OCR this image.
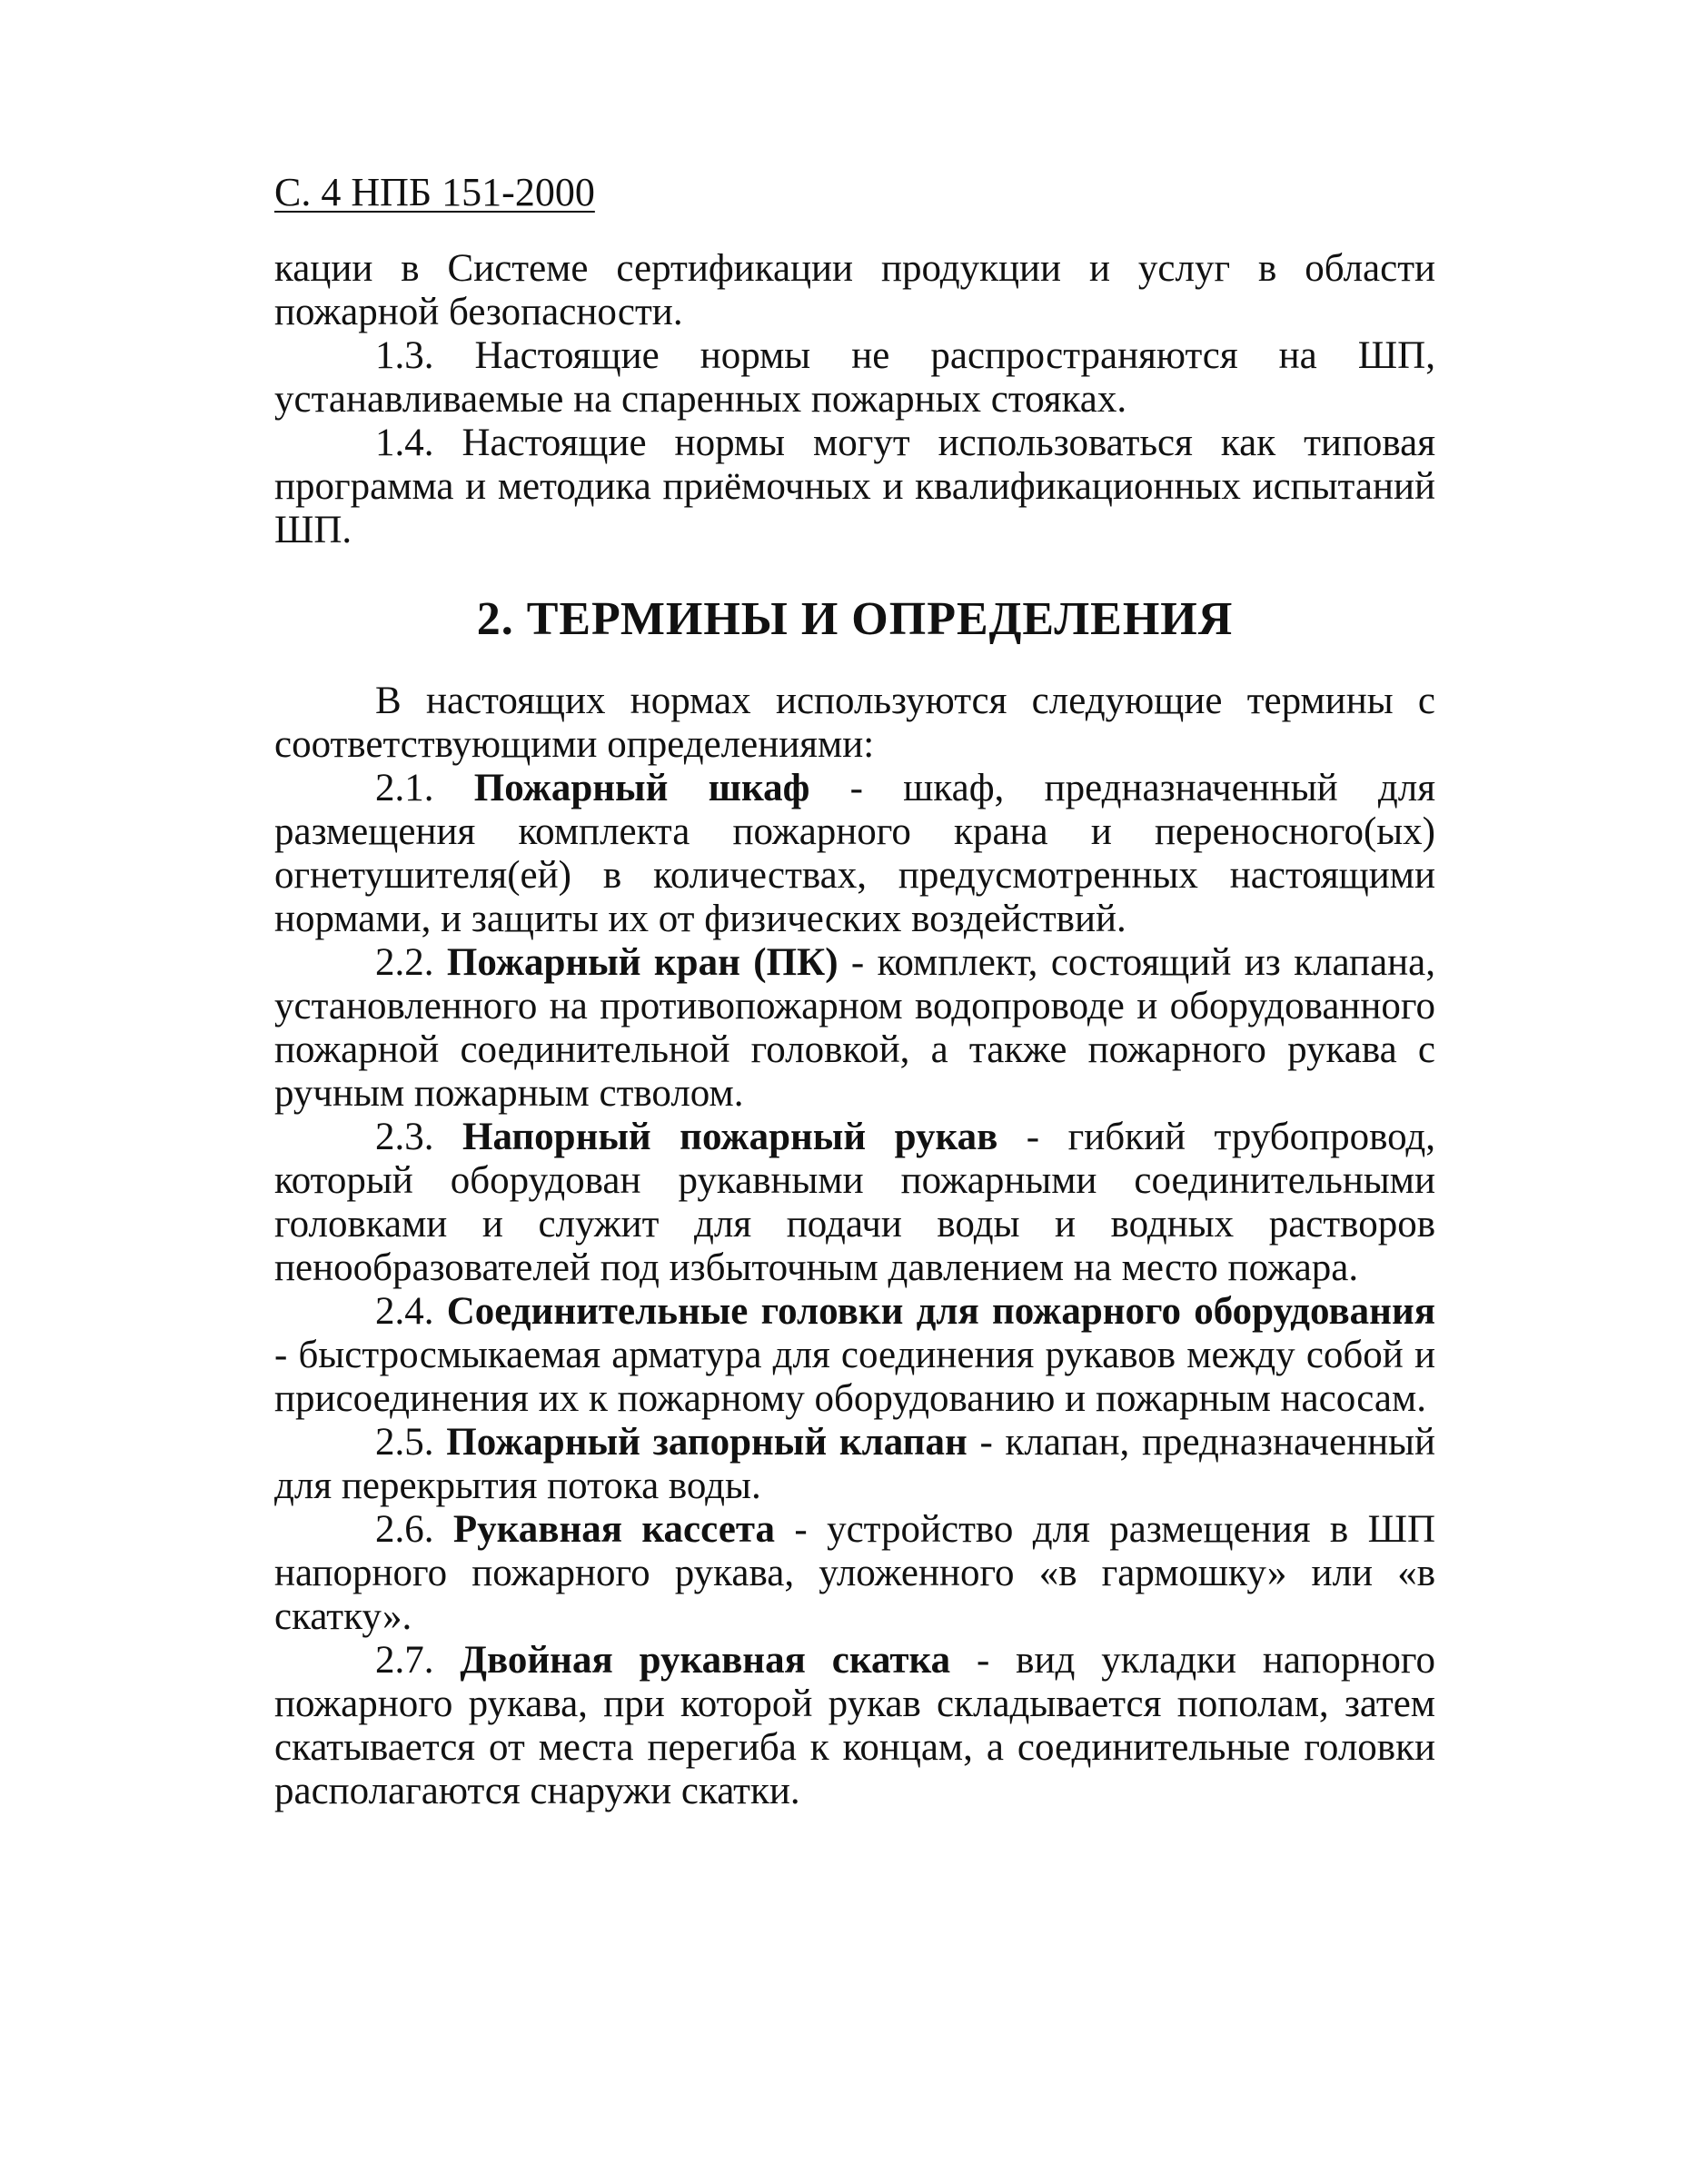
С. 4 НПБ 151-2000

кации в Системе сертификации продукции и услуг в области пожарной безопасности.

1.3. Настоящие нормы не распространяются на ШП, устанавливаемые на спаренных пожарных стояках.

1.4. Настоящие нормы могут использоваться как типовая программа и методика приёмочных и квалификационных испытаний ШП.

2. ТЕРМИНЫ И ОПРЕДЕЛЕНИЯ

В настоящих нормах используются следующие термины с соответствующими определениями:

2.1. Пожарный шкаф - шкаф, предназначенный для размещения комплекта пожарного крана и переносного(ых) огнетушителя(ей) в количествах, предусмотренных настоящими нормами, и защиты их от физических воздействий.

2.2. Пожарный кран (ПК) - комплект, состоящий из клапана, установленного на противопожарном водопроводе и оборудованного пожарной соединительной головкой, а также пожарного рукава с ручным пожарным стволом.

2.3. Напорный пожарный рукав - гибкий трубопровод, который оборудован рукавными пожарными соединительными головками и служит для подачи воды и водных растворов пенообразователей под избыточным давлением на место пожара.

2.4. Соединительные головки для пожарного оборудования - быстросмыкаемая арматура для соединения рукавов между собой и присоединения их к пожарному оборудованию и пожарным насосам.

2.5. Пожарный запорный клапан - клапан, предназначенный для перекрытия потока воды.

2.6. Рукавная кассета - устройство для размещения в ШП напорного пожарного рукава, уложенного «в гармошку» или «в скатку».

2.7. Двойная рукавная скатка - вид укладки напорного пожарного рукава, при которой рукав складывается пополам, затем скатывается от места перегиба к концам, а соединительные головки располагаются снаружи скатки.
